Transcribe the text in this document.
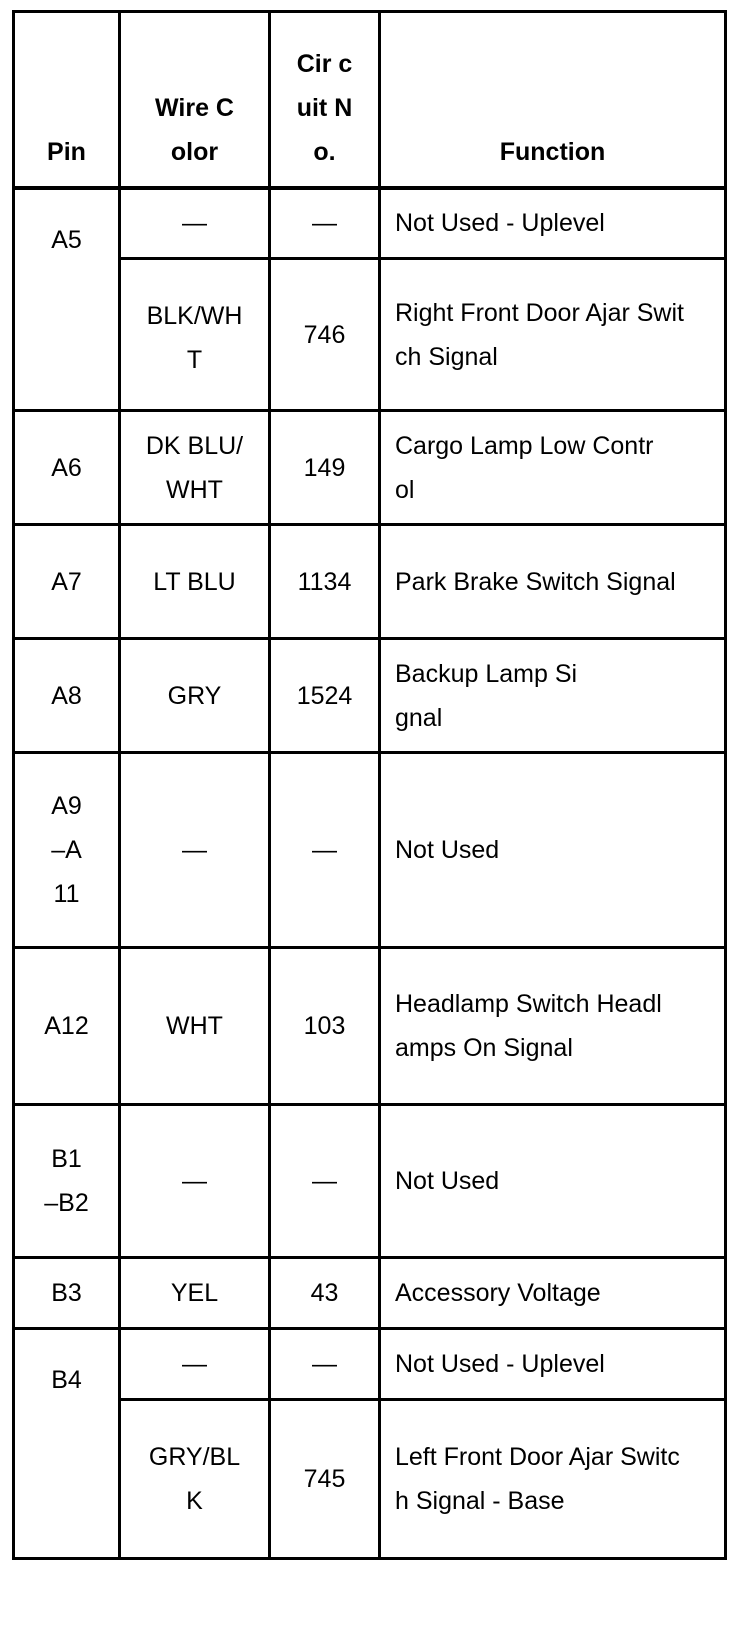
Pin	Wire Color	Cir cuit No.	Function
A5	—	—	Not Used - Uplevel
	BLK/WHT	746	Right Front Door Ajar Switch Signal
A6	DK BLU/ WHT	149	Cargo Lamp Low Control
A7	LT BLU	1134	Park Brake Switch Signal
A8	GRY	1524	Backup Lamp Signal
A9 –A 11	—	—	Not Used
A12	WHT	103	Headlamp Switch Headlamps On Signal
B1 –B2	—	—	Not Used
B3	YEL	43	Accessory Voltage
B4	—	—	Not Used - Uplevel
	GRY/BLK	745	Left Front Door Ajar Switch Signal - Base
